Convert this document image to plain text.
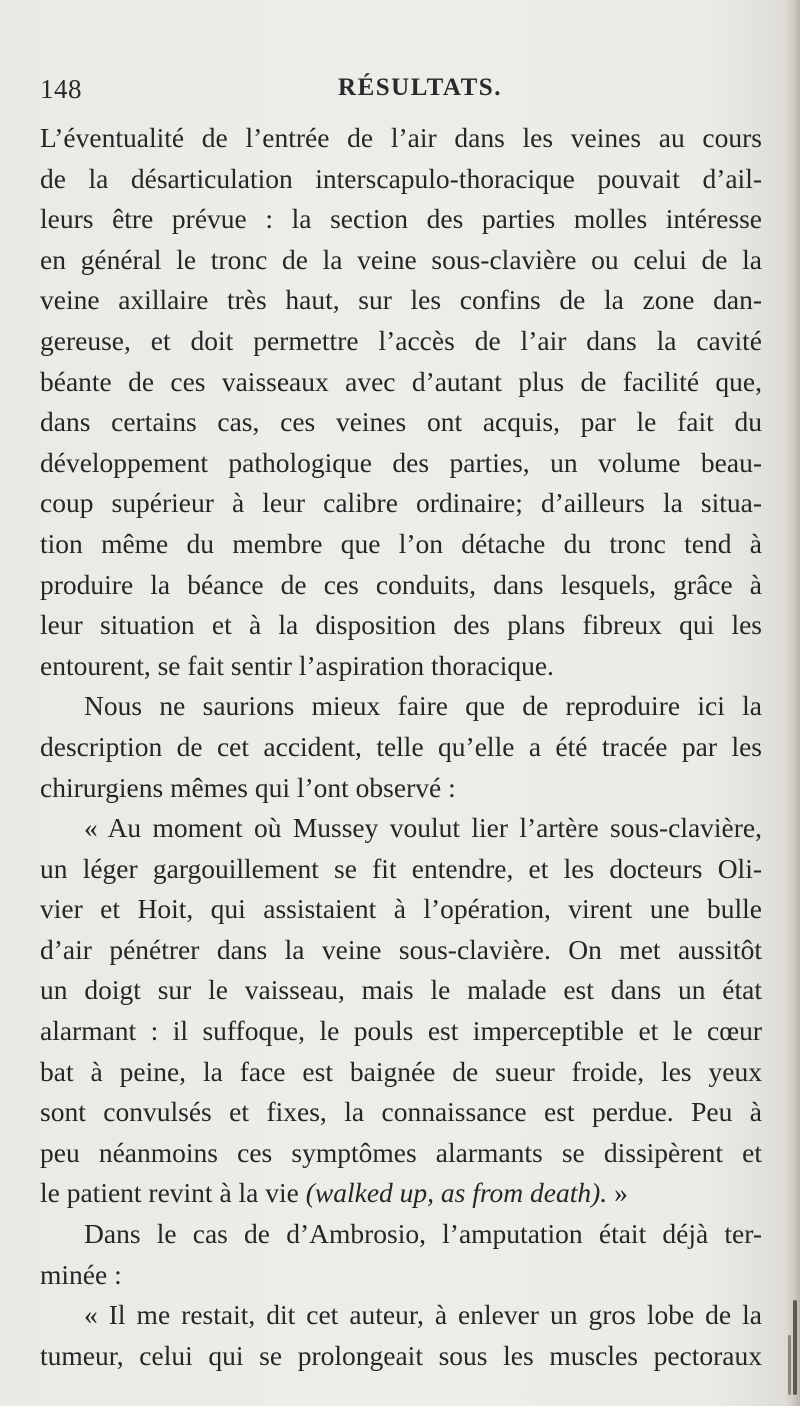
148	RÉSULTATS.
L’éventualité de l’entrée de l’air dans les veines au cours
de la désarticulation interscapulo-thoracique pouvait d’ail-
leurs être prévue : la section des parties molles intéresse
en général le tronc de la veine sous-clavière ou celui de la
veine axillaire très haut, sur les confins de la zone dan-
gereuse, et doit permettre l’accès de l’air dans la cavité
béante de ces vaisseaux avec d’autant plus de facilité que,
dans certains cas, ces veines ont acquis, par le fait du
développement pathologique des parties, un volume beau-
coup supérieur à leur calibre ordinaire; d’ailleurs la situa-
tion même du membre que l’on détache du tronc tend à
produire la béance de ces conduits, dans lesquels, grâce à
leur situation et à la disposition des plans fibreux qui les
entourent, se fait sentir l’aspiration thoracique.
Nous ne saurions mieux faire que de reproduire ici la
description de cet accident, telle qu’elle a été tracée par les
chirurgiens mêmes qui l’ont observé :
« Au moment où Mussey voulut lier l’artère sous-clavière,
un léger gargouillement se fit entendre, et les docteurs Oli-
vier et Hoit, qui assistaient à l’opération, virent une bulle
d’air pénétrer dans la veine sous-clavière. On met aussitôt
un doigt sur le vaisseau, mais le malade est dans un état
alarmant : il suffoque, le pouls est imperceptible et le cœur
bat à peine, la face est baignée de sueur froide, les yeux
sont convulsés et fixes, la connaissance est perdue. Peu à
peu néanmoins ces symptômes alarmants se dissipèrent et
le patient revint à la vie (walked up, as from death). »
Dans le cas de d’Ambrosio, l’amputation était déjà ter-
minée :
« Il me restait, dit cet auteur, à enlever un gros lobe de la
tumeur, celui qui se prolongeait sous les muscles pectoraux
